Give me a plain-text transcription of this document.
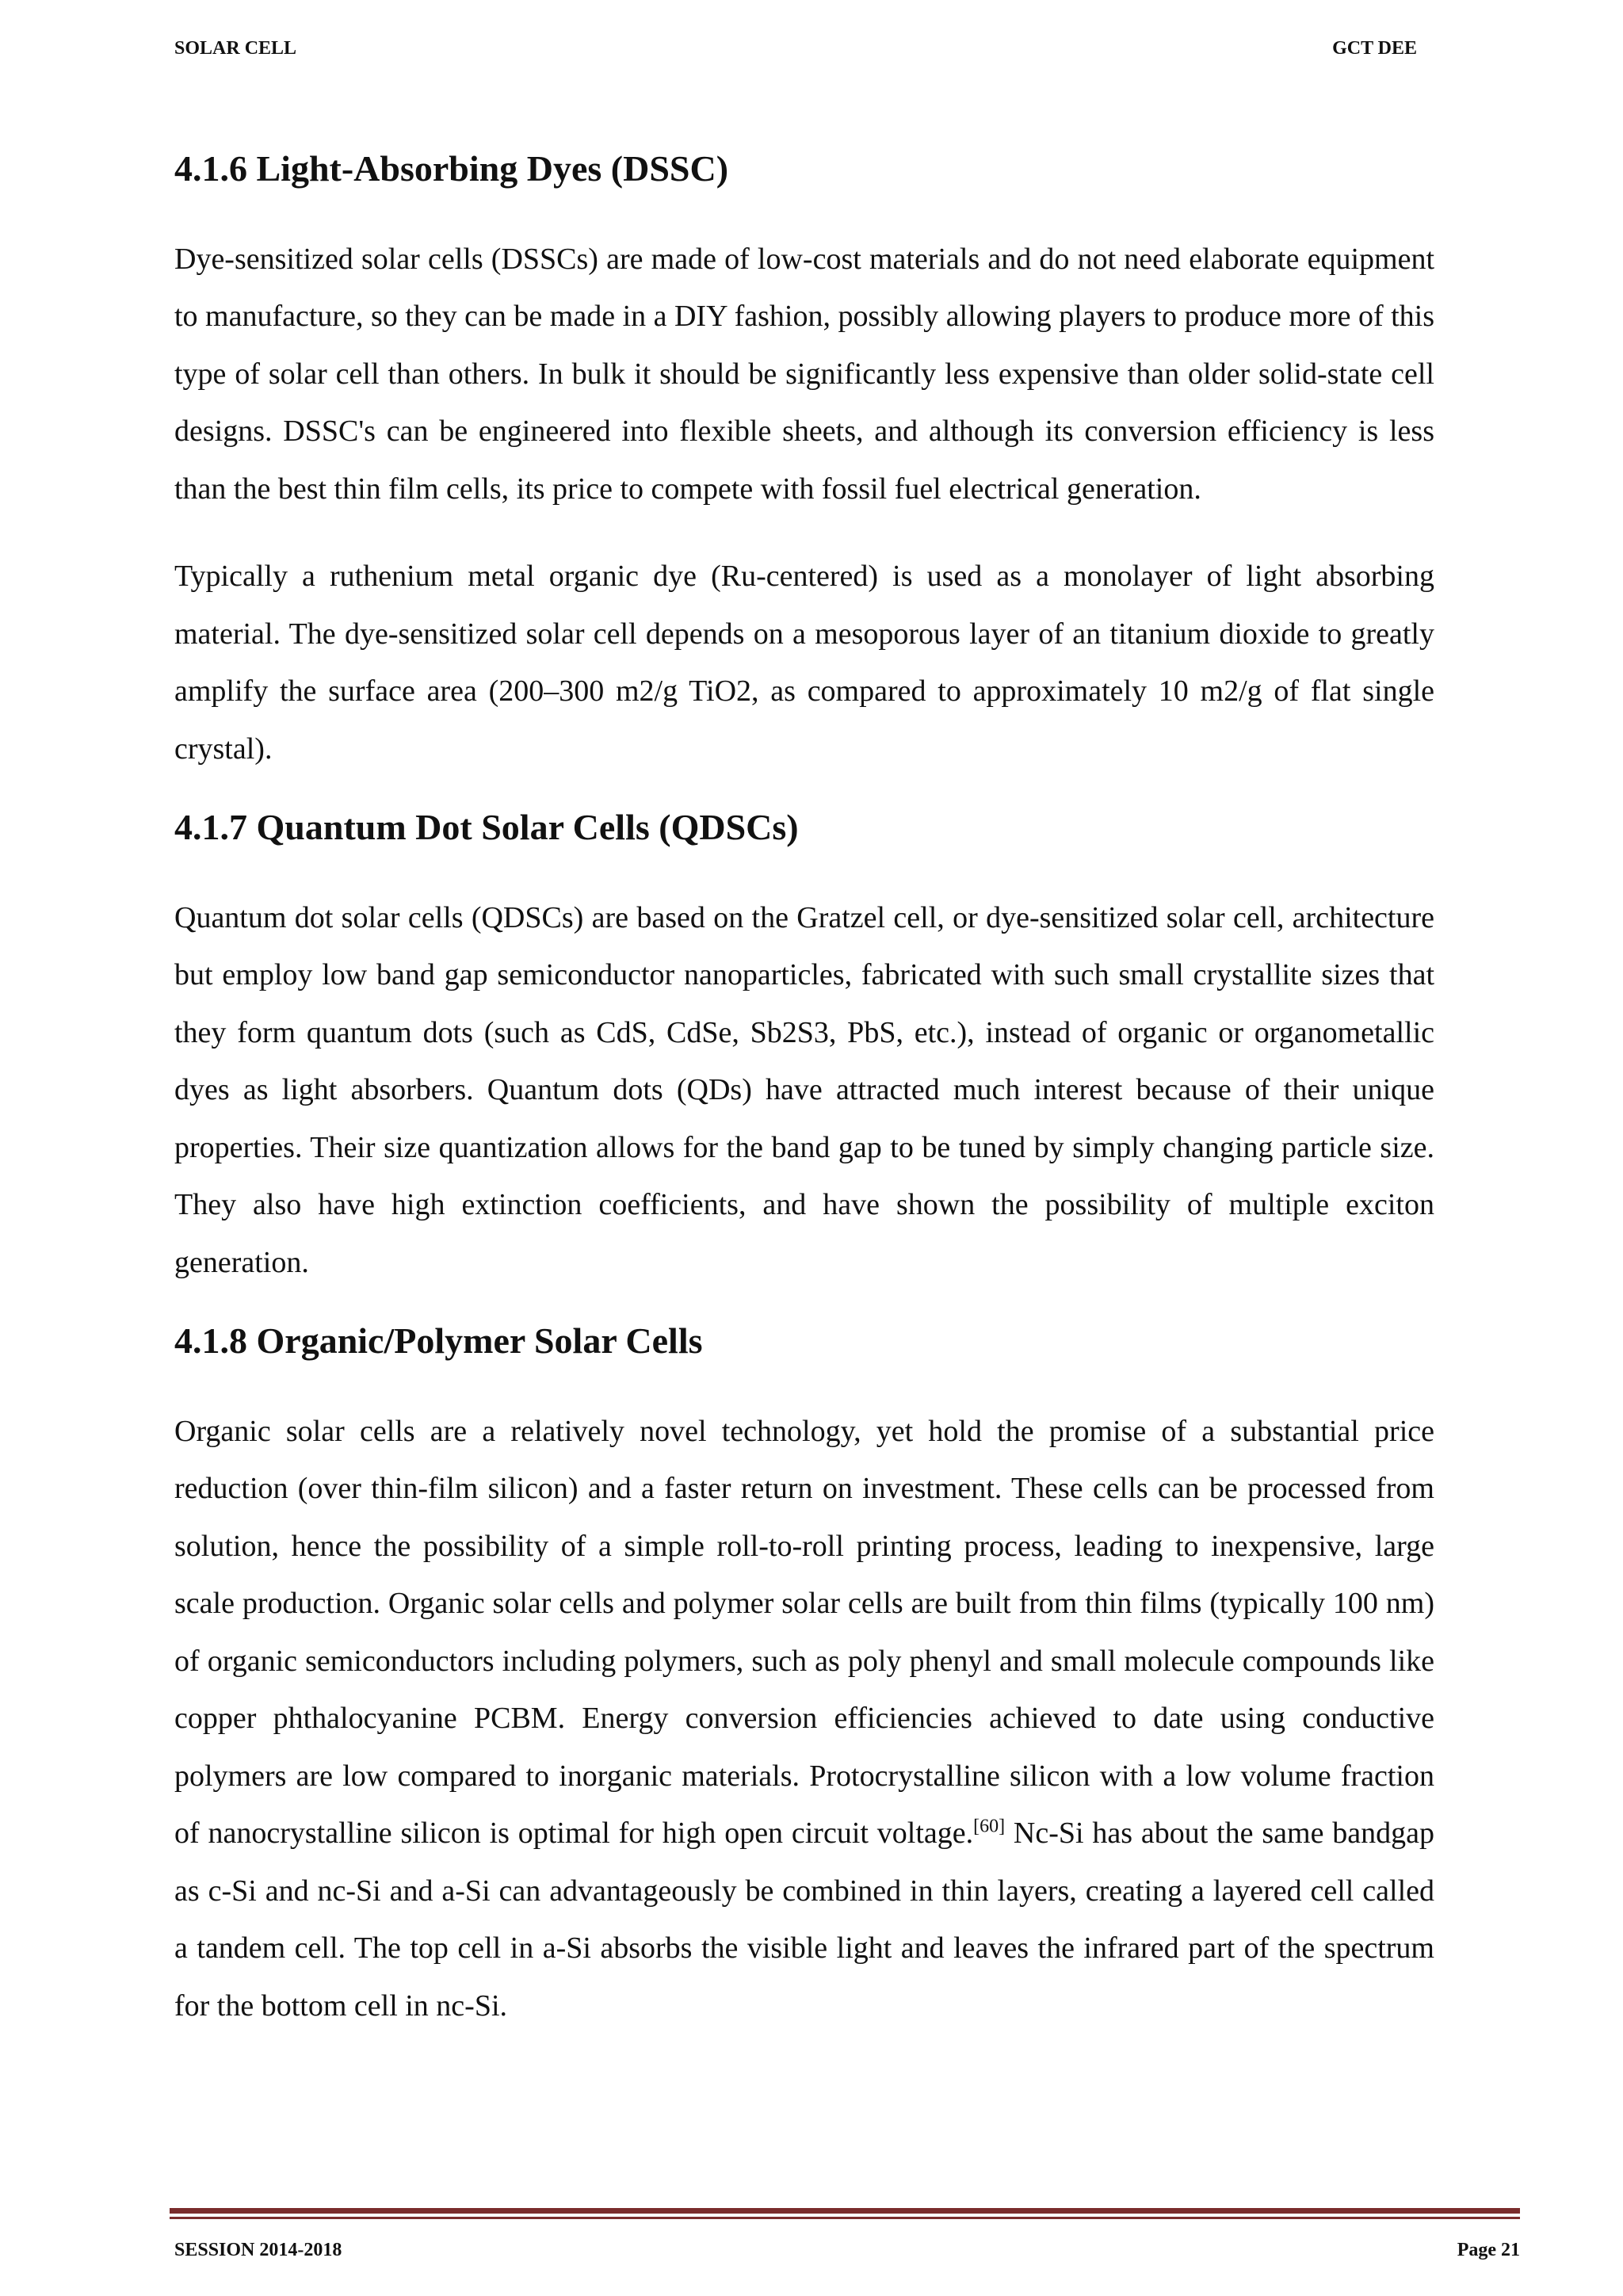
SOLAR CELL	GCT DEE
4.1.6 Light-Absorbing Dyes (DSSC)

Dye-sensitized solar cells (DSSCs) are made of low-cost materials and do not need elaborate equipment to manufacture, so they can be made in a DIY fashion, possibly allowing players to produce more of this type of solar cell than others. In bulk it should be significantly less expensive than older solid-state cell designs. DSSC's can be engineered into flexible sheets, and although its conversion efficiency is less than the best thin film cells, its price to compete with fossil fuel electrical generation.

Typically a ruthenium metal organic dye (Ru-centered) is used as a monolayer of light absorbing material. The dye-sensitized solar cell depends on a mesoporous layer of an titanium dioxide to greatly amplify the surface area (200–300 m2/g TiO2, as compared to approximately 10 m2/g of flat single crystal).

4.1.7 Quantum Dot Solar Cells (QDSCs)

Quantum dot solar cells (QDSCs) are based on the Gratzel cell, or dye-sensitized solar cell, architecture but employ low band gap semiconductor nanoparticles, fabricated with such small crystallite sizes that they form quantum dots (such as CdS, CdSe, Sb2S3, PbS, etc.), instead of organic or organometallic dyes as light absorbers. Quantum dots (QDs) have attracted much interest because of their unique properties. Their size quantization allows for the band gap to be tuned by simply changing particle size. They also have high extinction coefficients, and have shown the possibility of multiple exciton generation.

4.1.8 Organic/Polymer Solar Cells

Organic solar cells are a relatively novel technology, yet hold the promise of a substantial price reduction (over thin-film silicon) and a faster return on investment. These cells can be processed from solution, hence the possibility of a simple roll-to-roll printing process, leading to inexpensive, large scale production. Organic solar cells and polymer solar cells are built from thin films (typically 100 nm) of organic semiconductors including polymers, such as poly phenyl and small molecule compounds like copper phthalocyanine PCBM. Energy conversion efficiencies achieved to date using conductive polymers are low compared to inorganic materials. Protocrystalline silicon with a low volume fraction of nanocrystalline silicon is optimal for high open circuit voltage.[60] Nc-Si has about the same bandgap as c-Si and nc-Si and a-Si can advantageously be combined in thin layers, creating a layered cell called a tandem cell. The top cell in a-Si absorbs the visible light and leaves the infrared part of the spectrum for the bottom cell in nc-Si.

SESSION 2014-2018	Page 21
